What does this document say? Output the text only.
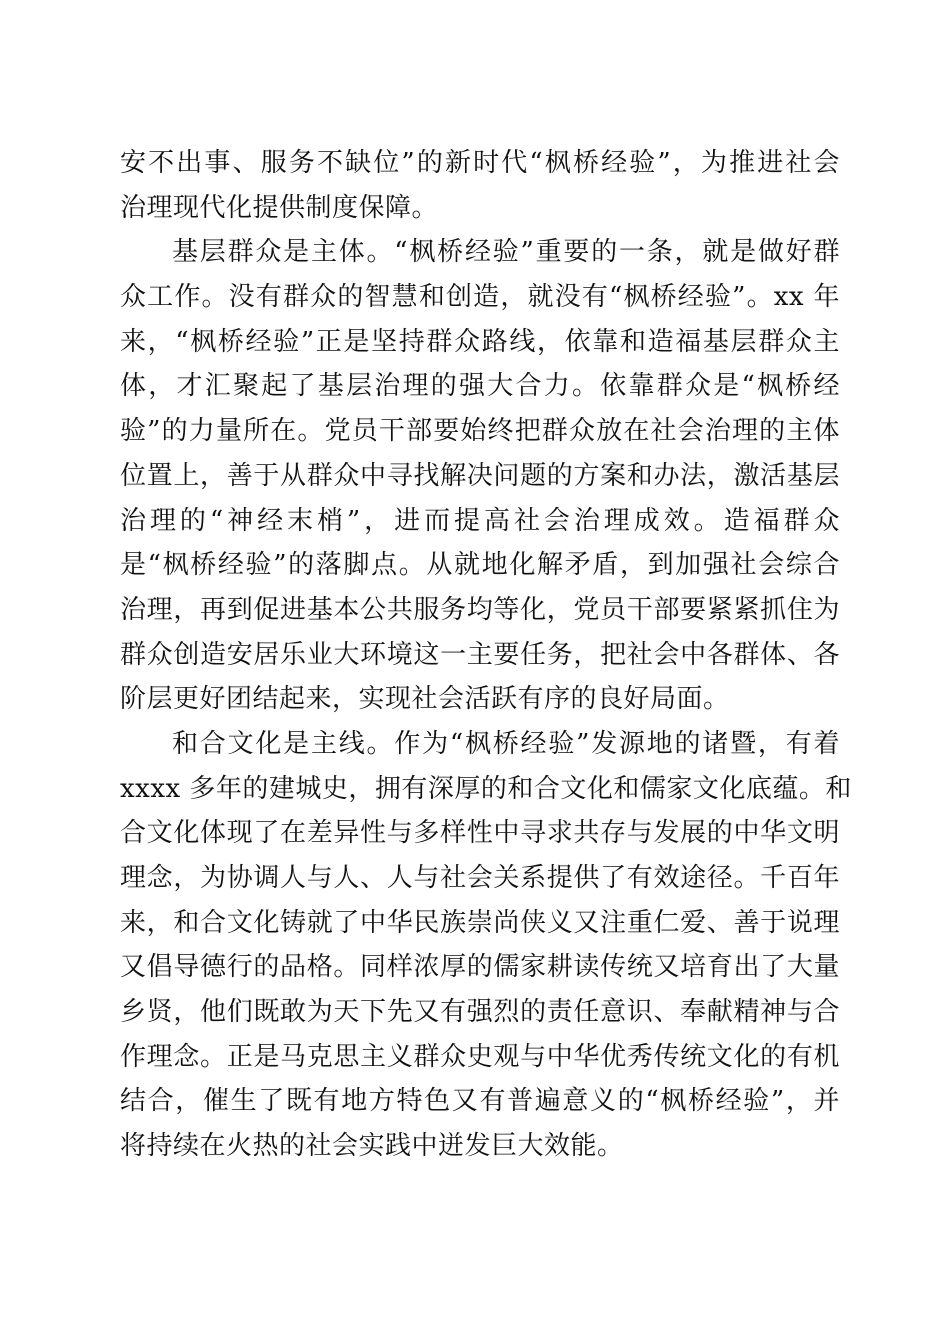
安不出事、服务不缺位”的新时代“枫桥经验”，为推进社会
治理现代化提供制度保障。
基层群众是主体。“枫桥经验”重要的一条，就是做好群
众工作。没有群众的智慧和创造，就没有“枫桥经验”。xx 年
来，“枫桥经验”正是坚持群众路线，依靠和造福基层群众主
体，才汇聚起了基层治理的强大合力。依靠群众是“枫桥经
验”的力量所在。党员干部要始终把群众放在社会治理的主体
位置上，善于从群众中寻找解决问题的方案和办法，激活基层
治理的“神经末梢”，进而提高社会治理成效。造福群众
是“枫桥经验”的落脚点。从就地化解矛盾，到加强社会综合
治理，再到促进基本公共服务均等化，党员干部要紧紧抓住为
群众创造安居乐业大环境这一主要任务，把社会中各群体、各
阶层更好团结起来，实现社会活跃有序的良好局面。
和合文化是主线。作为“枫桥经验”发源地的诸暨，有着
xxxx 多年的建城史，拥有深厚的和合文化和儒家文化底蕴。和
合文化体现了在差异性与多样性中寻求共存与发展的中华文明
理念，为协调人与人、人与社会关系提供了有效途径。千百年
来，和合文化铸就了中华民族崇尚侠义又注重仁爱、善于说理
又倡导德行的品格。同样浓厚的儒家耕读传统又培育出了大量
乡贤，他们既敢为天下先又有强烈的责任意识、奉献精神与合
作理念。正是马克思主义群众史观与中华优秀传统文化的有机
结合，催生了既有地方特色又有普遍意义的“枫桥经验”，并
将持续在火热的社会实践中迸发巨大效能。
